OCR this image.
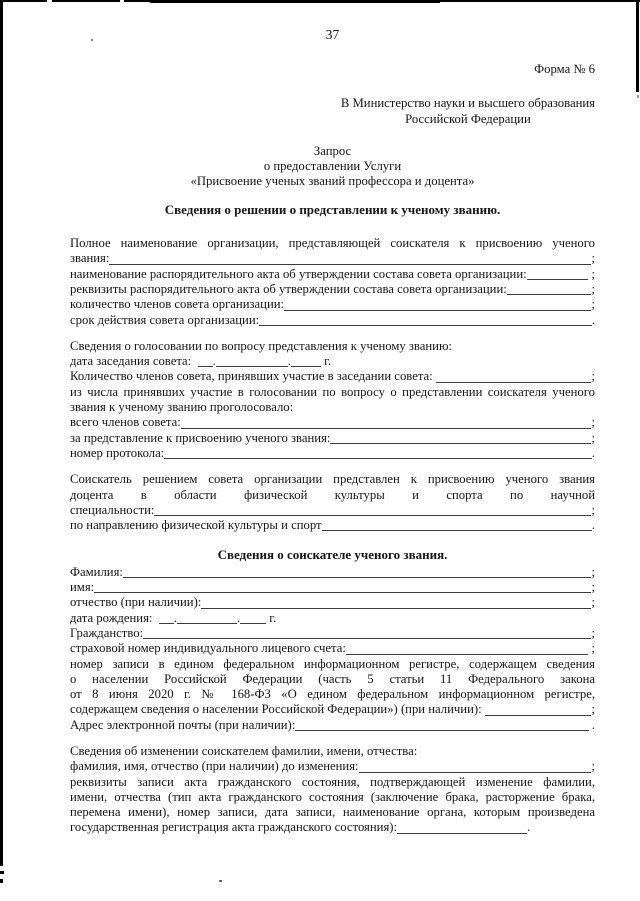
37
Форма № 6
В Министерство науки и высшего образования
Российской Федерации
Запрос
о предоставлении Услуги
«Присвоение ученых званий профессора и доцента»
Сведения о решении о представлении к ученому званию.
Полное наименование организации, представляющей соискателя к присвоению ученого
звания:	;
наименование распорядительного акта об утверждении состава совета организации:	;
реквизиты распорядительного акта об утверждении состава совета организации:	;
количество членов совета организации:	;
срок действия совета организации:	.
Сведения о голосовании по вопросу представления к ученому званию:
дата заседания совета: .	. г.
Количество членов совета, принявших участие в заседании совета:	;
из числа принявших участие в голосовании по вопросу о представлении соискателя ученого
звания к ученому званию проголосовало:
всего членов совета:	;
за представление к присвоению ученого звания:	;
номер протокола:	.
Соискатель решением совета организации представлен к присвоению ученого звания
доцента в области физической культуры и спорта по научной
специальности:	;
по направлению физической культуры и спорт	.
Сведения о соискателе ученого звания.
Фамилия:	;
имя:	;
отчество (при наличии):	;
дата рождения: .	. г.
Гражданство:	;
страховой номер индивидуального лицевого счета:	;
номер записи в едином федеральном информационном регистре, содержащем сведения
о населении Российской Федерации (часть 5 статьи 11 Федерального закона
от 8 июня 2020 г. № 168-ФЗ «О едином федеральном информационном регистре,
содержащем сведения о населении Российской Федерации») (при наличии):	;
Адрес электронной почты (при наличии):	.
Сведения об изменении соискателем фамилии, имени, отчества:
фамилия, имя, отчество (при наличии) до изменения:	;
реквизиты записи акта гражданского состояния, подтверждающей изменение фамилии,
имени, отчества (тип акта гражданского состояния (заключение брака, расторжение брака,
перемена имени), номер записи, дата записи, наименование органа, которым произведена
государственная регистрация акта гражданского состояния):	.
